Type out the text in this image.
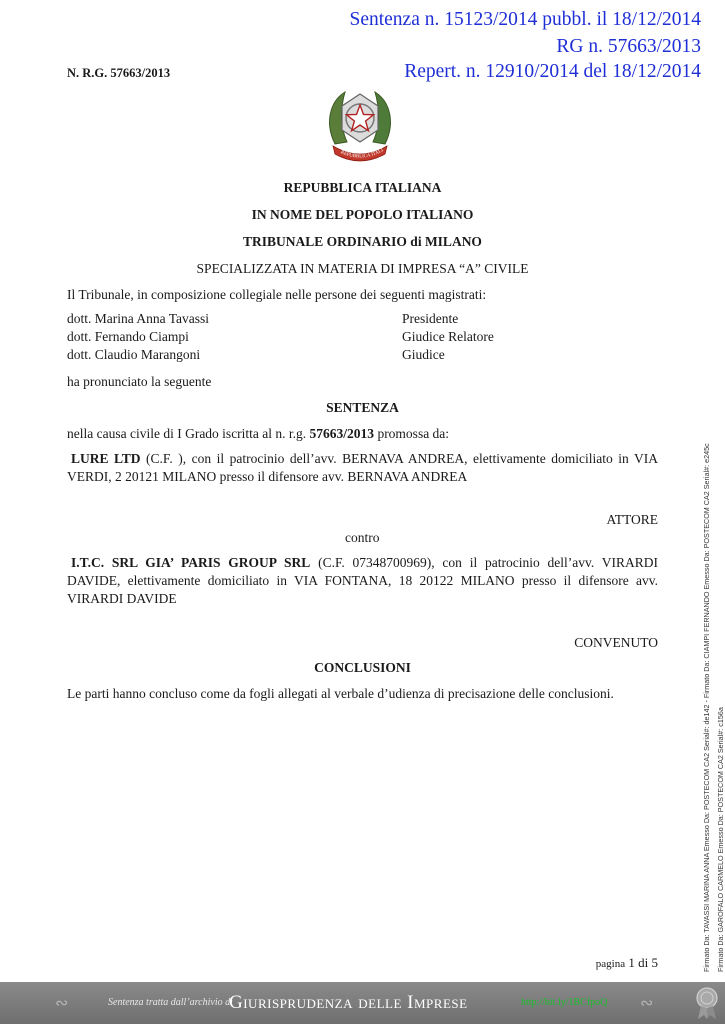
Sentenza n. 15123/2014 pubbl. il 18/12/2014
RG n. 57663/2013
Repert. n. 12910/2014 del 18/12/2014
N. R.G. 57663/2013
REPUBBLICA ITALI
REPUBBLICA ITALIANA
IN NOME DEL POPOLO ITALIANO
TRIBUNALE ORDINARIO di MILANO
SPECIALIZZATA IN MATERIA DI IMPRESA “A” CIVILE
Il Tribunale, in composizione collegiale nelle persone dei seguenti magistrati:
dott. Marina Anna Tavassi	Presidente
dott. Fernando Ciampi	Giudice Relatore
dott. Claudio Marangoni	Giudice
ha pronunciato la seguente
SENTENZA
nella causa civile di I Grado iscritta al n. r.g. 57663/2013 promossa da:
LURE LTD (C.F. ), con il patrocinio dell’avv. BERNAVA ANDREA, elettivamente domiciliato in VIA VERDI, 2 20121 MILANO presso il difensore avv. BERNAVA ANDREA
ATTORE
contro
I.T.C. SRL GIA’ PARIS GROUP SRL (C.F. 07348700969), con il patrocinio dell’avv. VIRARDI DAVIDE, elettivamente domiciliato in VIA FONTANA, 18 20122 MILANO presso il difensore avv. VIRARDI DAVIDE
CONVENUTO
CONCLUSIONI
Le parti hanno concluso come da fogli allegati al verbale d’udienza di precisazione delle conclusioni.	Firmato Da: TAVASSI MARINA ANNA Emesso Da: POSTECOM CA2 Serial#: de142 - Firmato Da: CIAMPI FERNANDO Emesso Da: POSTECOM CA2 Serial#: e245c Firmato Da: GAROFALO CARMELO Emesso Da: POSTECOM CA2 Serial#: c156a
pagina 1 di 5
∾	Sentenza tratta dall’archivio di
Giurisprudenza delle Imprese	http://bit.ly/1BCfpoQ ∾
